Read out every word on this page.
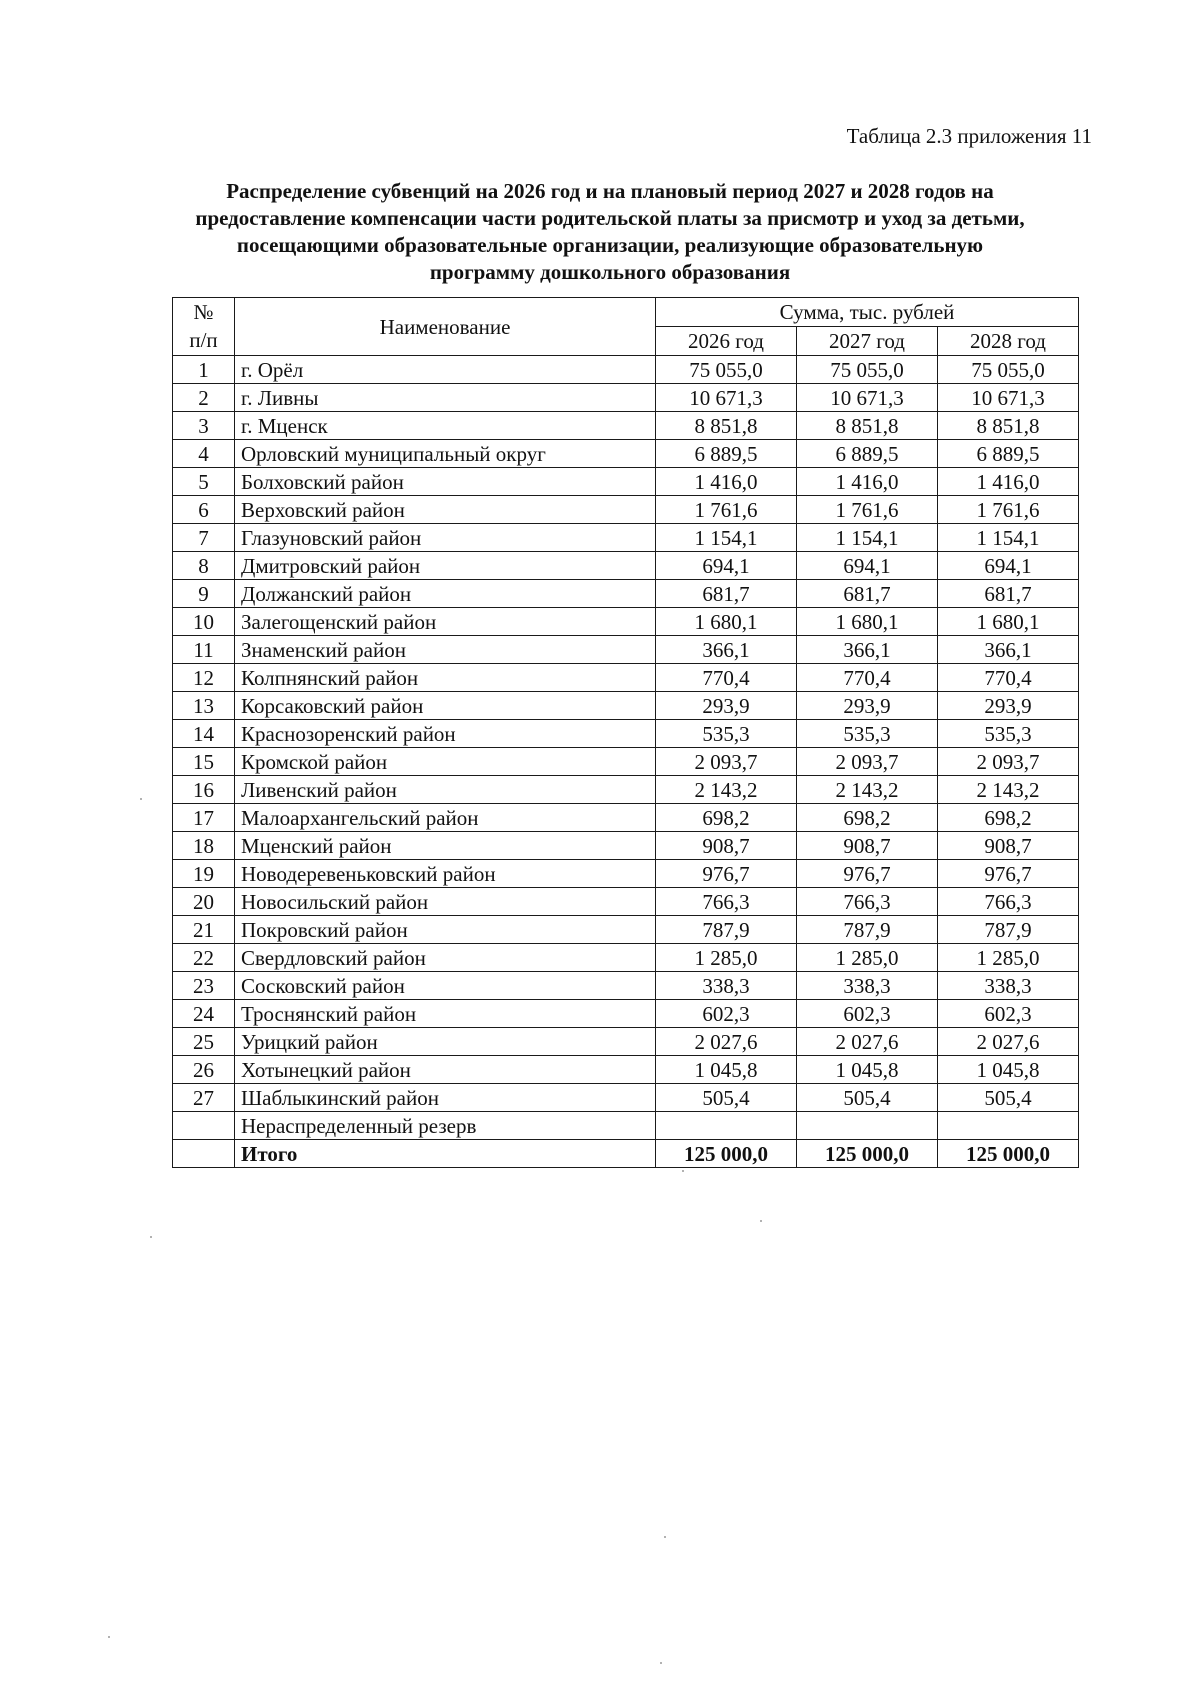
Таблица 2.3 приложения 11
Распределение субвенций на 2026 год и на плановый период 2027 и 2028 годов на
предоставление компенсации части родительской платы за присмотр и уход за детьми,
посещающими образовательные организации, реализующие образовательную
программу дошкольного образования
№ п/п	Наименование	Сумма, тыс. рублей		
		2026 год	2027 год	2028 год
1	г. Орёл	75 055,0	75 055,0	75 055,0
2	г. Ливны	10 671,3	10 671,3	10 671,3
3	г. Мценск	8 851,8	8 851,8	8 851,8
4	Орловский муниципальный округ	6 889,5	6 889,5	6 889,5
5	Болховский район	1 416,0	1 416,0	1 416,0
6	Верховский район	1 761,6	1 761,6	1 761,6
7	Глазуновский район	1 154,1	1 154,1	1 154,1
8	Дмитровский район	694,1	694,1	694,1
9	Должанский район	681,7	681,7	681,7
10	Залегощенский район	1 680,1	1 680,1	1 680,1
11	Знаменский район	366,1	366,1	366,1
12	Колпнянский район	770,4	770,4	770,4
13	Корсаковский район	293,9	293,9	293,9
14	Краснозоренский район	535,3	535,3	535,3
15	Кромской район	2 093,7	2 093,7	2 093,7
16	Ливенский район	2 143,2	2 143,2	2 143,2
17	Малоархангельский район	698,2	698,2	698,2
18	Мценский район	908,7	908,7	908,7
19	Новодеревеньковский район	976,7	976,7	976,7
20	Новосильский район	766,3	766,3	766,3
21	Покровский район	787,9	787,9	787,9
22	Свердловский район	1 285,0	1 285,0	1 285,0
23	Сосковский район	338,3	338,3	338,3
24	Троснянский район	602,3	602,3	602,3
25	Урицкий район	2 027,6	2 027,6	2 027,6
26	Хотынецкий район	1 045,8	1 045,8	1 045,8
27	Шаблыкинский район	505,4	505,4	505,4
	Нераспределенный резерв			
	Итого	125 000,0	125 000,0	125 000,0
